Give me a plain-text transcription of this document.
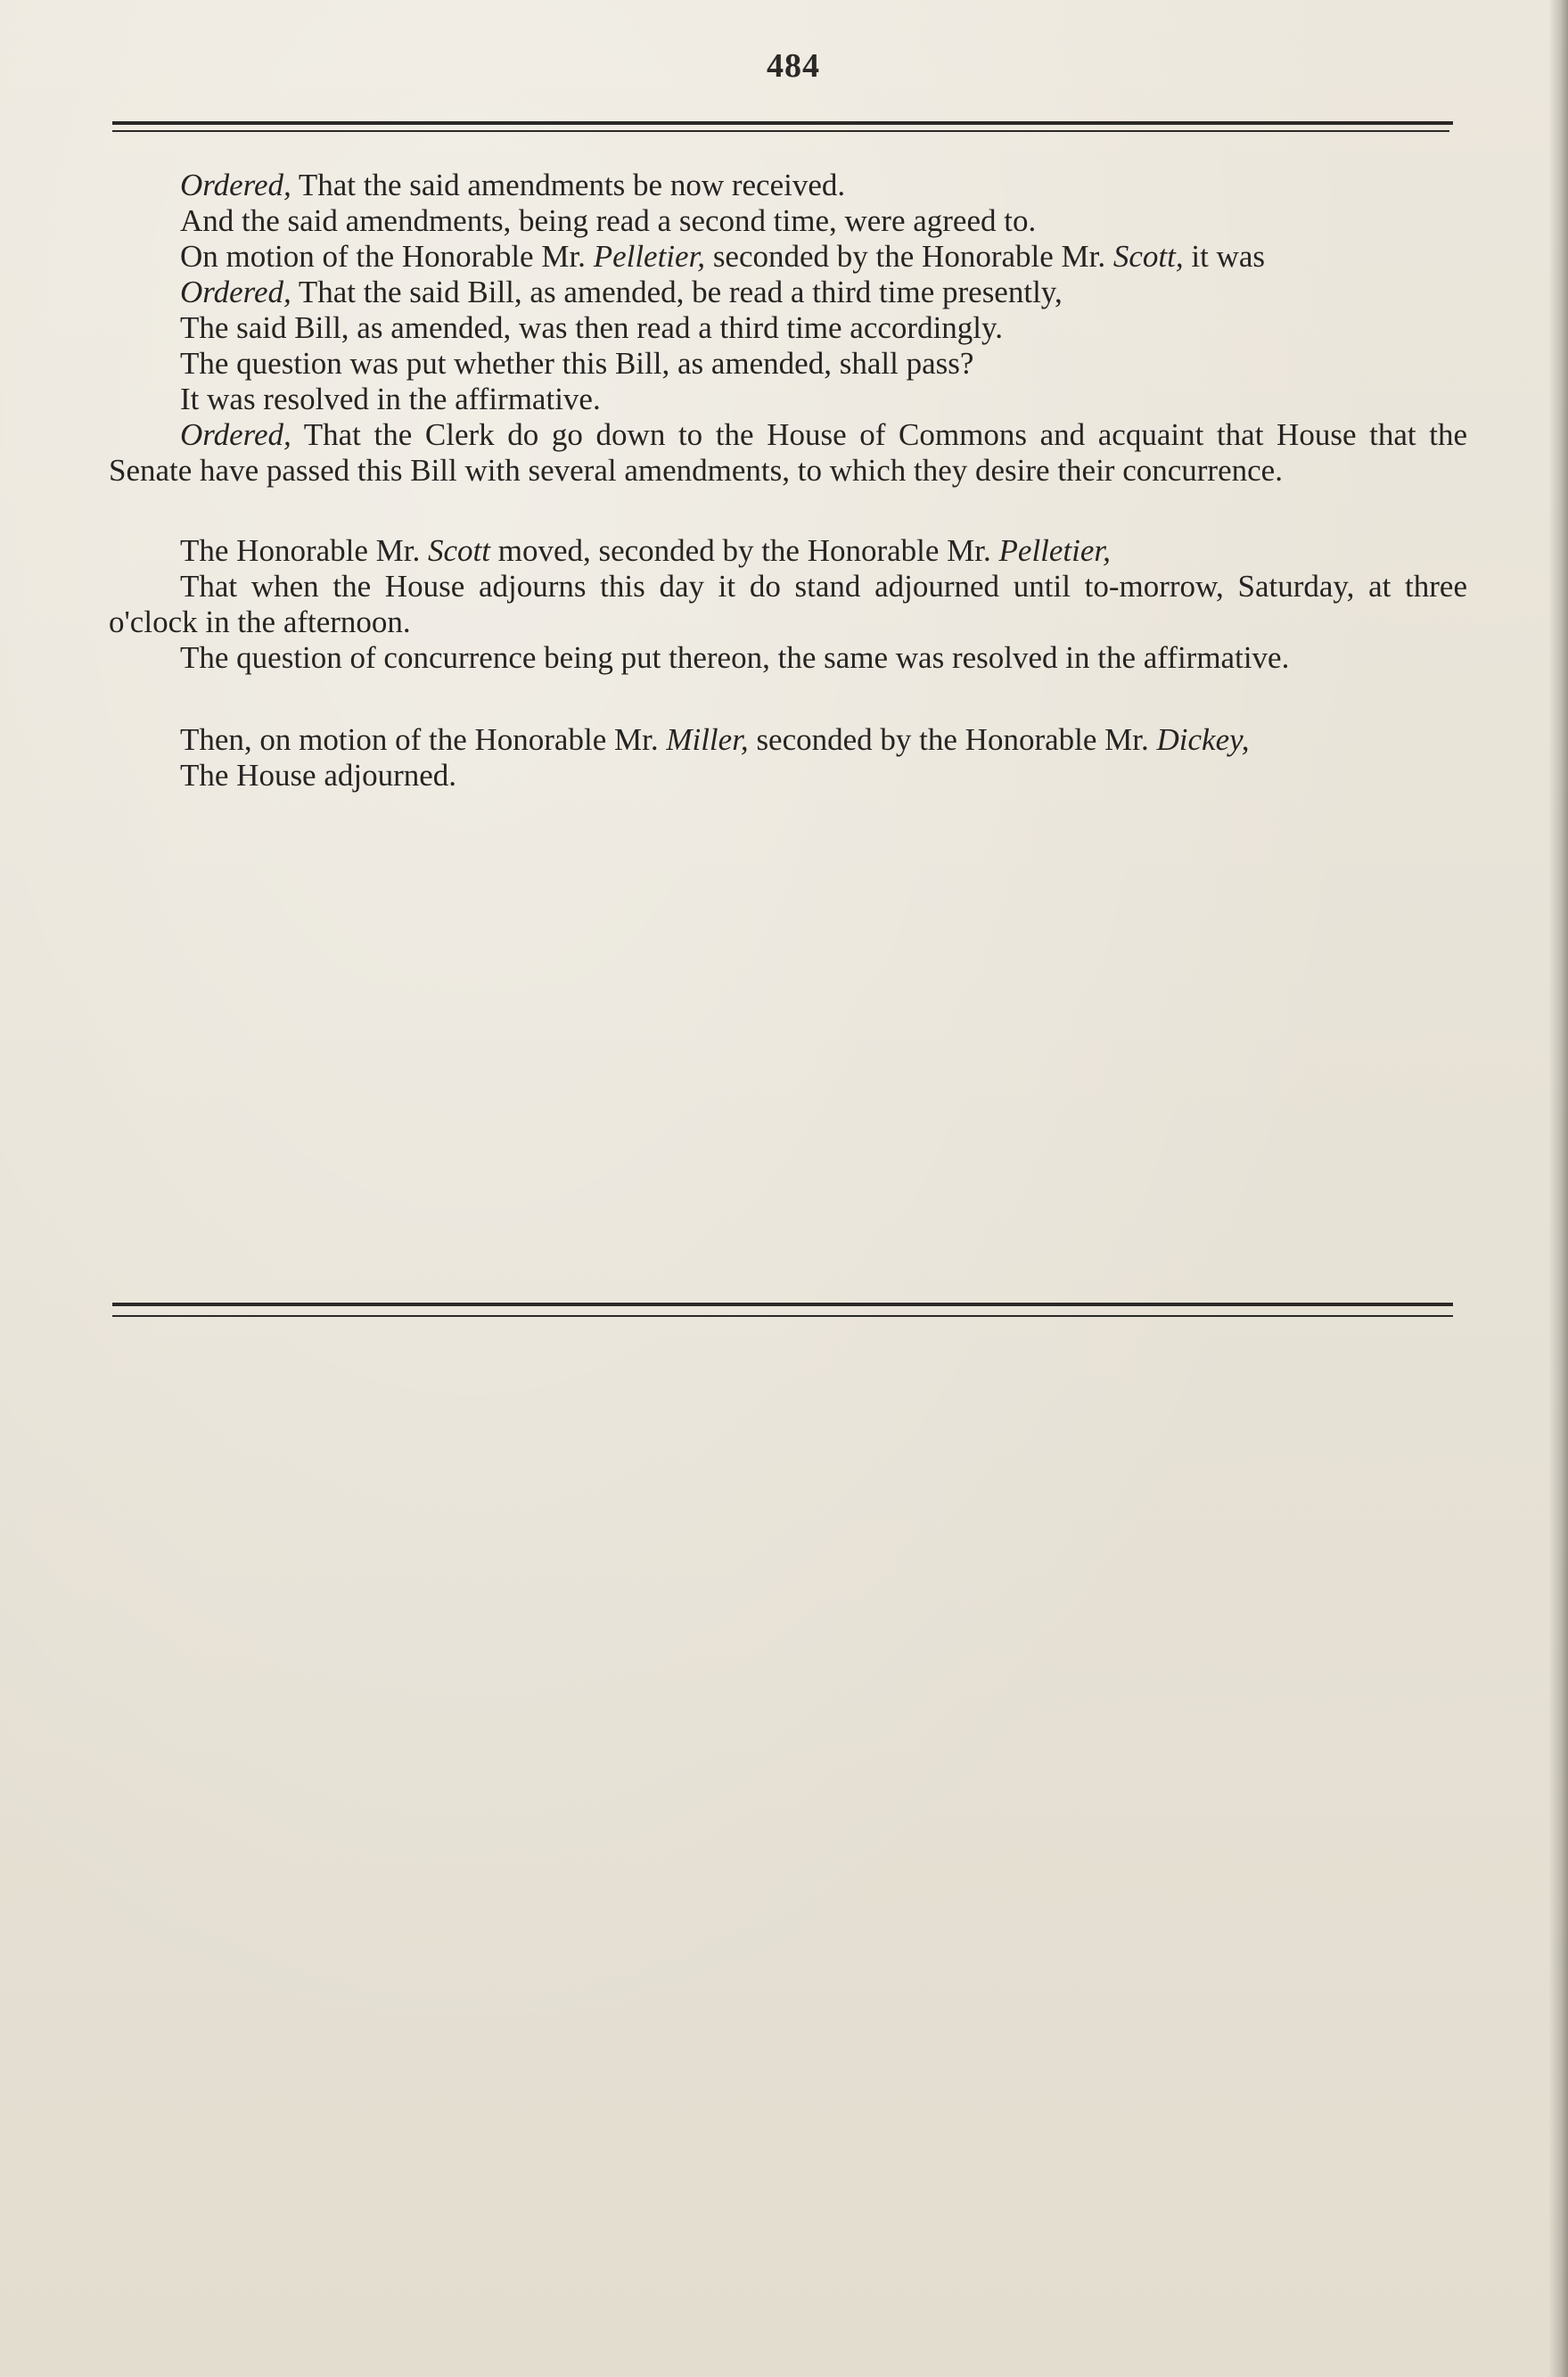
484

Ordered, That the said amendments be now received.

And the said amendments, being read a second time, were agreed to.

On motion of the Honorable Mr. Pelletier, seconded by the Honorable Mr. Scott, it was

Ordered, That the said Bill, as amended, be read a third time presently,

The said Bill, as amended, was then read a third time accordingly.

The question was put whether this Bill, as amended, shall pass?

It was resolved in the affirmative.

Ordered, That the Clerk do go down to the House of Commons and acquaint that House that the Senate have passed this Bill with several amendments, to which they desire their concurrence.

The Honorable Mr. Scott moved, seconded by the Honorable Mr. Pelletier,

That when the House adjourns this day it do stand adjourned until to-morrow, Saturday, at three o'clock in the afternoon.

The question of concurrence being put thereon, the same was resolved in the affirmative.

Then, on motion of the Honorable Mr. Miller, seconded by the Honorable Mr. Dickey,

The House adjourned.
